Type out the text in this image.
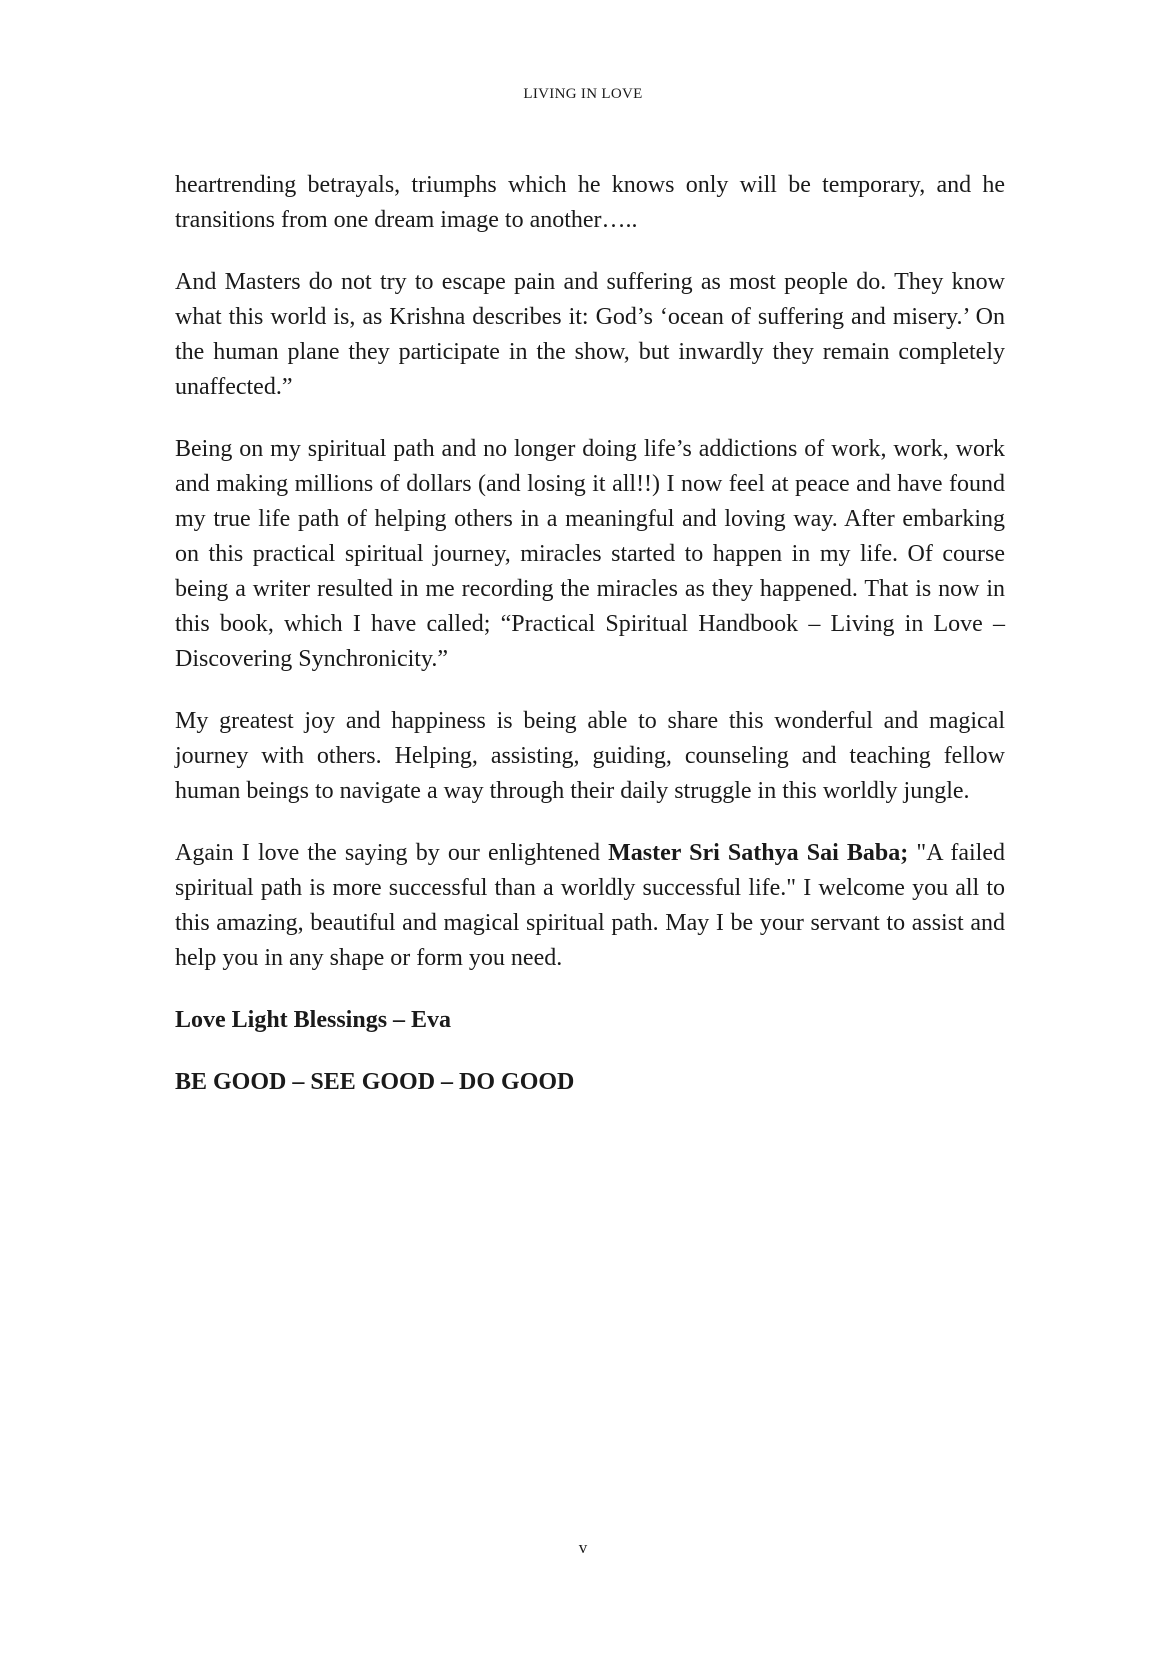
LIVING IN LOVE

heartrending betrayals, triumphs which he knows only will be temporary, and he transitions from one dream image to another…..

And Masters do not try to escape pain and suffering as most people do. They know what this world is, as Krishna describes it: God’s ‘ocean of suffering and misery.’ On the human plane they participate in the show, but inwardly they remain completely unaffected.”

Being on my spiritual path and no longer doing life’s addictions of work, work, work and making millions of dollars (and losing it all!!) I now feel at peace and have found my true life path of helping others in a meaningful and loving way. After embarking on this practical spiritual journey, miracles started to happen in my life. Of course being a writer resulted in me recording the miracles as they happened. That is now in this book, which I have called; “Practical Spiritual Handbook – Living in Love – Discovering Synchronicity.”

My greatest joy and happiness is being able to share this wonderful and magical journey with others. Helping, assisting, guiding, counseling and teaching fellow human beings to navigate a way through their daily struggle in this worldly jungle.

Again I love the saying by our enlightened Master Sri Sathya Sai Baba; "A failed spiritual path is more successful than a worldly successful life." I welcome you all to this amazing, beautiful and magical spiritual path. May I be your servant to assist and help you in any shape or form you need.

Love Light Blessings – Eva

BE GOOD – SEE GOOD – DO GOOD

v
